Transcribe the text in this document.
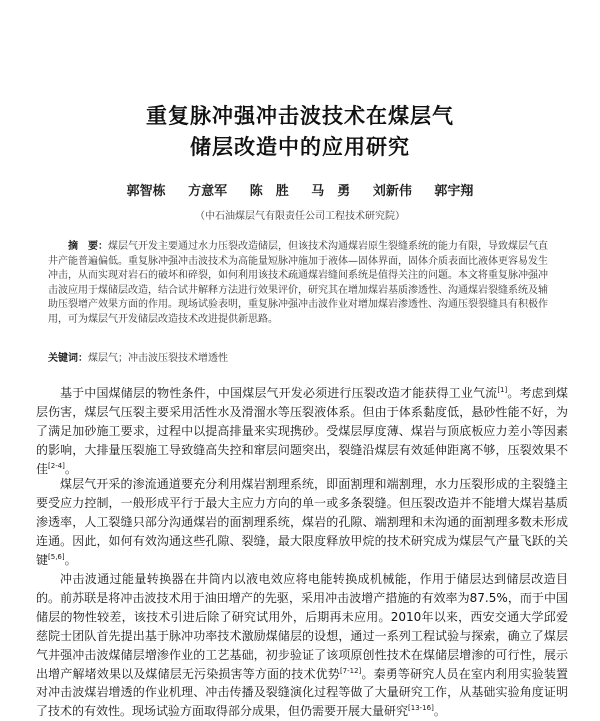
重复脉冲强冲击波技术在煤层气
储层改造中的应用研究
郭智栋 方意军 陈　胜 马　勇 刘新伟 郭宇翔
（中石油煤层气有限责任公司工程技术研究院）
摘　要：煤层气开发主要通过水力压裂改造储层，但该技术沟通煤岩原生裂缝系统的能力有限，导致煤层气直井产能普遍偏低。重复脉冲强冲击波技术为高能量短脉冲施加于液体—固体界面，固体介质表面比液体更容易发生冲击，从而实现对岩石的破坏和碎裂，如何利用该技术疏通煤岩缝间系统是值得关注的问题。本文将重复脉冲强冲击波应用于煤储层改造，结合试井解释方法进行效果评价，研究其在增加煤岩基质渗透性、沟通煤岩裂缝系统及辅助压裂增产效果方面的作用。现场试验表明，重复脉冲强冲击波作业对增加煤岩渗透性、沟通压裂裂缝具有积极作用，可为煤层气开发储层改造技术改进提供新思路。
关键词：煤层气；冲击波压裂技术增透性
基于中国煤储层的物性条件，中国煤层气开发必须进行压裂改造才能获得工业气流[1]。考虑到煤层伤害，煤层气压裂主要采用活性水及滑溜水等压裂液体系。但由于体系黏度低，悬砂性能不好，为了满足加砂施工要求，过程中以提高排量来实现携砂。受煤层厚度薄、煤岩与顶底板应力差小等因素的影响，大排量压裂施工导致缝高失控和窜层问题突出，裂缝沿煤层有效延伸距离不够，压裂效果不佳[2-4]。
煤层气开采的渗流通道要充分利用煤岩割理系统，即面割理和端割理，水力压裂形成的主裂缝主要受应力控制，一般形成平行于最大主应力方向的单一或多条裂缝。但压裂改造并不能增大煤岩基质渗透率，人工裂缝只部分沟通煤岩的面割理系统，煤岩的孔隙、端割理和未沟通的面割理多数未形成连通。因此，如何有效沟通这些孔隙、裂缝，最大限度释放甲烷的技术研究成为煤层气产量飞跃的关键[5,6]。
冲击波通过能量转换器在井筒内以液电效应将电能转换成机械能，作用于储层达到储层改造目的。前苏联是将冲击波技术用于油田增产的先驱，采用冲击波增产措施的有效率为87.5%，而于中国储层的物性较差，该技术引进后除了研究试用外，后期再未应用。2010年以来，西安交通大学邱爱慈院士团队首先提出基于脉冲功率技术激励煤储层的设想，通过一系列工程试验与探索，确立了煤层气井强冲击波煤储层增渗作业的工艺基础，初步验证了该项原创性技术在煤储层增渗的可行性，展示出增产解堵效果以及煤储层无污染损害等方面的技术优势[7-12]。秦勇等研究人员在室内利用实验装置对冲击波煤岩增透的作业机理、冲击传播及裂缝演化过程等做了大量研究工作，从基础实验角度证明了技术的有效性。现场试验方面取得部分成果，但仍需要开展大量研究[13-16]。
